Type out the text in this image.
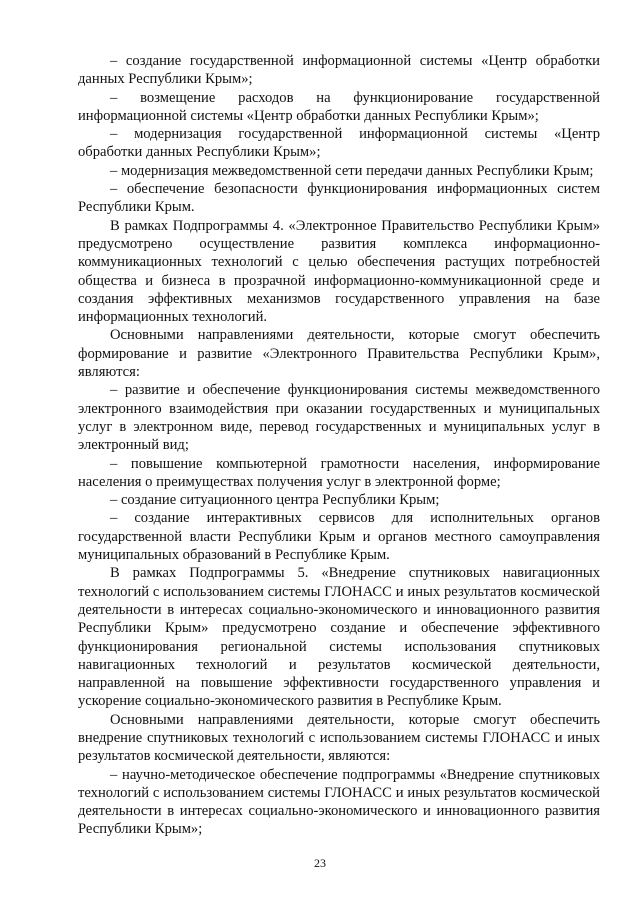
– создание государственной информационной системы «Центр обработки данных Республики Крым»;

– возмещение расходов на функционирование государственной информационной системы «Центр обработки данных Республики Крым»;

– модернизация государственной информационной системы «Центр обработки данных Республики Крым»;

– модернизация межведомственной сети передачи данных Республики Крым;

– обеспечение безопасности функционирования информационных систем Республики Крым.

В рамках Подпрограммы 4. «Электронное Правительство Республики Крым» предусмотрено осуществление развития комплекса информационно-коммуникационных технологий с целью обеспечения растущих потребностей общества и бизнеса в прозрачной информационно-коммуникационной среде и создания эффективных механизмов государственного управления на базе информационных технологий.

Основными направлениями деятельности, которые смогут обеспечить формирование и развитие «Электронного Правительства Республики Крым», являются:

– развитие и обеспечение функционирования системы межведомственного электронного взаимодействия при оказании государственных и муниципальных услуг в электронном виде, перевод государственных и муниципальных услуг в электронный вид;

– повышение компьютерной грамотности населения, информирование населения о преимуществах получения услуг в электронной форме;

– создание ситуационного центра Республики Крым;

– создание интерактивных сервисов для исполнительных органов государственной власти Республики Крым и органов местного самоуправления муниципальных образований в Республике Крым.

В рамках Подпрограммы 5. «Внедрение спутниковых навигационных технологий с использованием системы ГЛОНАСС и иных результатов космической деятельности в интересах социально-экономического и инновационного развития Республики Крым» предусмотрено создание и обеспечение эффективного функционирования региональной системы использования спутниковых навигационных технологий и результатов космической деятельности, направленной на повышение эффективности государственного управления и ускорение социально-экономического развития в Республике Крым.

Основными направлениями деятельности, которые смогут обеспечить внедрение спутниковых технологий с использованием системы ГЛОНАСС и иных результатов космической деятельности, являются:

– научно-методическое обеспечение подпрограммы «Внедрение спутниковых технологий с использованием системы ГЛОНАСС и иных результатов космической деятельности в интересах социально-экономического и инновационного развития Республики Крым»;

23
